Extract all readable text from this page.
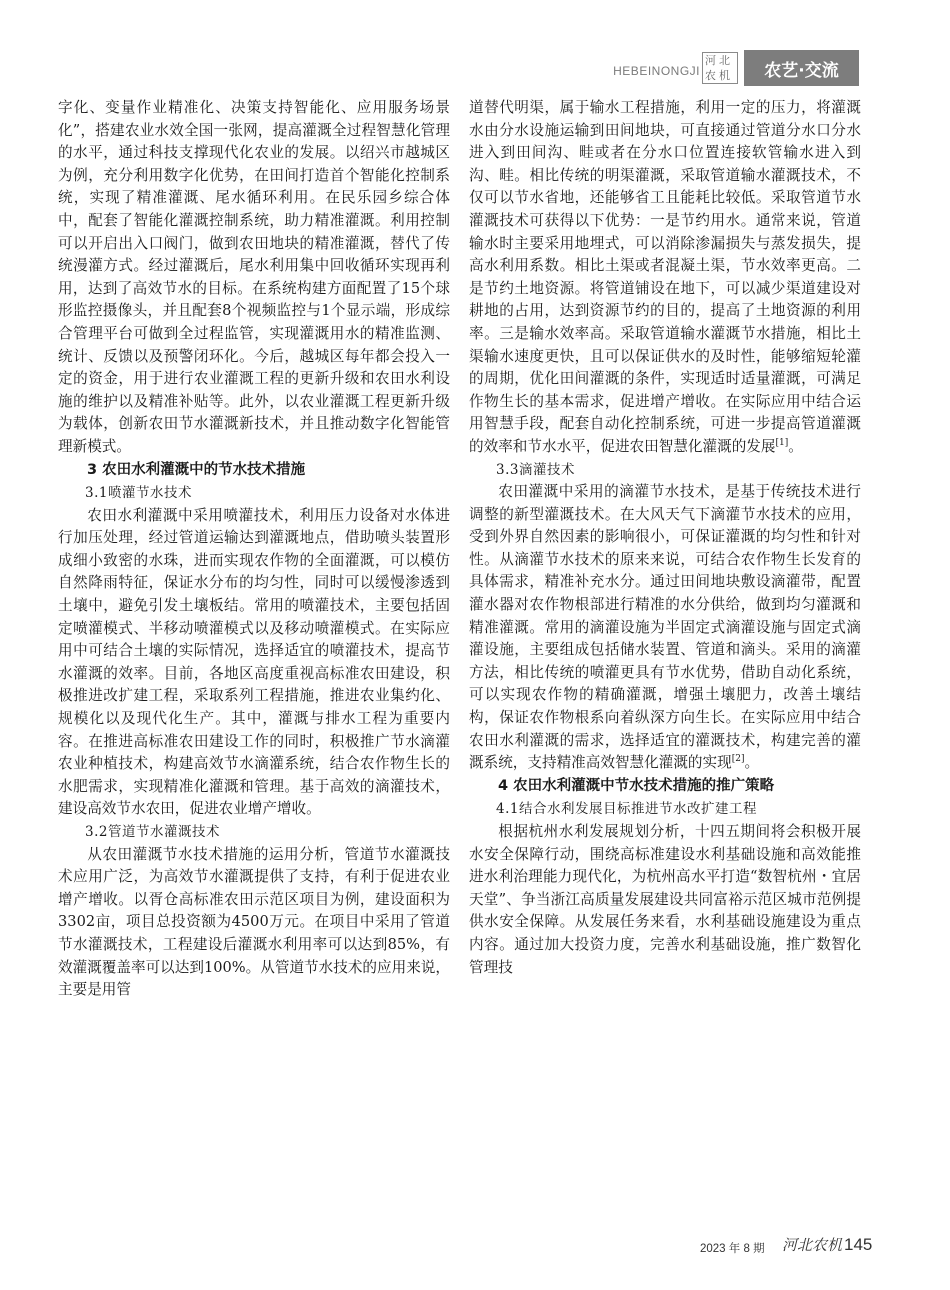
HEBEINONGJI
河 北
农 机	农艺·交流

字化、变量作业精准化、决策支持智能化、应用服务场景化”，搭建农业水效全国一张网，提高灌溉全过程智慧化管理的水平，通过科技支撑现代化农业的发展。以绍兴市越城区为例，充分利用数字化优势，在田间打造首个智能化控制系统，实现了精准灌溉、尾水循环利用。在民乐园乡综合体中，配套了智能化灌溉控制系统，助力精准灌溉。利用控制可以开启出入口阀门，做到农田地块的精准灌溉，替代了传统漫灌方式。经过灌溉后，尾水利用集中回收循环实现再利用，达到了高效节水的目标。在系统构建方面配置了15个球形监控摄像头，并且配套8个视频监控与1个显示端，形成综合管理平台可做到全过程监管，实现灌溉用水的精准监测、统计、反馈以及预警闭环化。今后，越城区每年都会投入一定的资金，用于进行农业灌溉工程的更新升级和农田水利设施的维护以及精准补贴等。此外，以农业灌溉工程更新升级为载体，创新农田节水灌溉新技术，并且推动数字化智能管理新模式。

3 农田水利灌溉中的节水技术措施
3.1喷灌节水技术

农田水利灌溉中采用喷灌技术，利用压力设备对水体进行加压处理，经过管道运输达到灌溉地点，借助喷头装置形成细小致密的水珠，进而实现农作物的全面灌溉，可以模仿自然降雨特征，保证水分布的均匀性，同时可以缓慢渗透到土壤中，避免引发土壤板结。常用的喷灌技术，主要包括固定喷灌模式、半移动喷灌模式以及移动喷灌模式。在实际应用中可结合土壤的实际情况，选择适宜的喷灌技术，提高节水灌溉的效率。目前，各地区高度重视高标准农田建设，积极推进改扩建工程，采取系列工程措施，推进农业集约化、规模化以及现代化生产。其中，灌溉与排水工程为重要内容。在推进高标准农田建设工作的同时，积极推广节水滴灌农业种植技术，构建高效节水滴灌系统，结合农作物生长的水肥需求，实现精准化灌溉和管理。基于高效的滴灌技术，建设高效节水农田，促进农业增产增收。

3.2管道节水灌溉技术

从农田灌溉节水技术措施的运用分析，管道节水灌溉技术应用广泛，为高效节水灌溉提供了支持，有利于促进农业增产增收。以胥仓高标准农田示范区项目为例，建设面积为3302亩，项目总投资额为4500万元。在项目中采用了管道节水灌溉技术，工程建设后灌溉水利用率可以达到85%，有效灌溉覆盖率可以达到100%。从管道节水技术的应用来说，主要是用管

道替代明渠，属于输水工程措施，利用一定的压力，将灌溉水由分水设施运输到田间地块，可直接通过管道分水口分水进入到田间沟、畦或者在分水口位置连接软管输水进入到沟、畦。相比传统的明渠灌溉，采取管道输水灌溉技术，不仅可以节水省地，还能够省工且能耗比较低。采取管道节水灌溉技术可获得以下优势：一是节约用水。通常来说，管道输水时主要采用地埋式，可以消除渗漏损失与蒸发损失，提高水利用系数。相比土渠或者混凝土渠，节水效率更高。二是节约土地资源。将管道铺设在地下，可以减少渠道建设对耕地的占用，达到资源节约的目的，提高了土地资源的利用率。三是输水效率高。采取管道输水灌溉节水措施，相比土渠输水速度更快，且可以保证供水的及时性，能够缩短轮灌的周期，优化田间灌溉的条件，实现适时适量灌溉，可满足作物生长的基本需求，促进增产增收。在实际应用中结合运用智慧手段，配套自动化控制系统，可进一步提高管道灌溉的效率和节水水平，促进农田智慧化灌溉的发展[1]。

3.3滴灌技术

农田灌溉中采用的滴灌节水技术，是基于传统技术进行调整的新型灌溉技术。在大风天气下滴灌节水技术的应用，受到外界自然因素的影响很小，可保证灌溉的均匀性和针对性。从滴灌节水技术的原来来说，可结合农作物生长发育的具体需求，精准补充水分。通过田间地块敷设滴灌带，配置灌水器对农作物根部进行精准的水分供给，做到均匀灌溉和精准灌溉。常用的滴灌设施为半固定式滴灌设施与固定式滴灌设施，主要组成包括储水装置、管道和滴头。采用的滴灌方法，相比传统的喷灌更具有节水优势，借助自动化系统，可以实现农作物的精确灌溉，增强土壤肥力，改善土壤结构，保证农作物根系向着纵深方向生长。在实际应用中结合农田水利灌溉的需求，选择适宜的灌溉技术，构建完善的灌溉系统，支持精准高效智慧化灌溉的实现[2]。

4 农田水利灌溉中节水技术措施的推广策略
4.1结合水利发展目标推进节水改扩建工程

根据杭州水利发展规划分析，十四五期间将会积极开展水安全保障行动，围绕高标准建设水利基础设施和高效能推进水利治理能力现代化，为杭州高水平打造“数智杭州・宜居天堂”、争当浙江高质量发展建设共同富裕示范区城市范例提供水安全保障。从发展任务来看，水利基础设施建设为重点内容。通过加大投资力度，完善水利基础设施，推广数智化管理技

2023 年 8 期 河北农机 145
